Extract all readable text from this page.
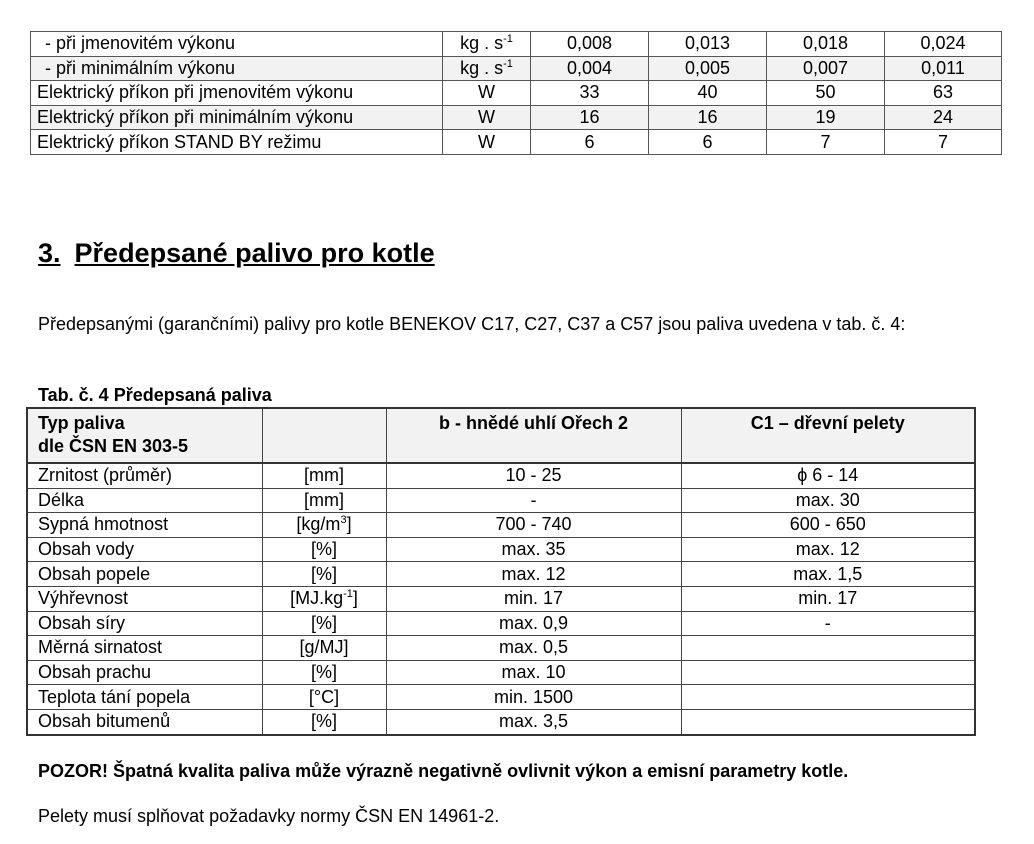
- při jmenovitém výkonu	kg . $s^{-1}$	0,008	0,013	0,018	0,024
- při minimálním výkonu	kg . $s^{-1}$	0,004	0,005	0,007	0,011
Elektrický příkon při jmenovitém výkonu	W	33	40	50	63
Elektrický příkon při minimálním výkonu	W	16	16	19	24
Elektrický příkon STAND BY režimu	W	6	6	7	7
3. Předepsané palivo pro kotle

Předepsanými (garančními) palivy pro kotle BENEKOV C17, C27, C37 a C57 jsou paliva uvedena v tab. č. 4:

Tab. č. 4 Předepsaná paliva
Typ paliva
dle ČSN EN 303-5		b - hnědé uhlí Ořech 2	C1 – dřevní pelety
Zrnitost (průměr)	[mm]	10 - 25	ϕ 6 - 14
Délka	[mm]	-	max. 30
Sypná hmotnost	$[kg/m^3]$	700 - 740	600 - 650
Obsah vody	[%]	max. 35	max. 12
Obsah popele	[%]	max. 12	max. 1,5
Výhřevnost	$[MJ.kg^{-1}]$	min. 17	min. 17
Obsah síry	[%]	max. 0,9	-
Měrná sirnatost	[g/MJ]	max. 0,5	
Obsah prachu	[%]	max. 10	
Teplota tání popela	[°C]	min. 1500	
Obsah bitumenů	[%]	max. 3,5	

POZOR! Špatná kvalita paliva může výrazně negativně ovlivnit výkon a emisní parametry kotle.

Pelety musí splňovat požadavky normy ČSN EN 14961-2.
